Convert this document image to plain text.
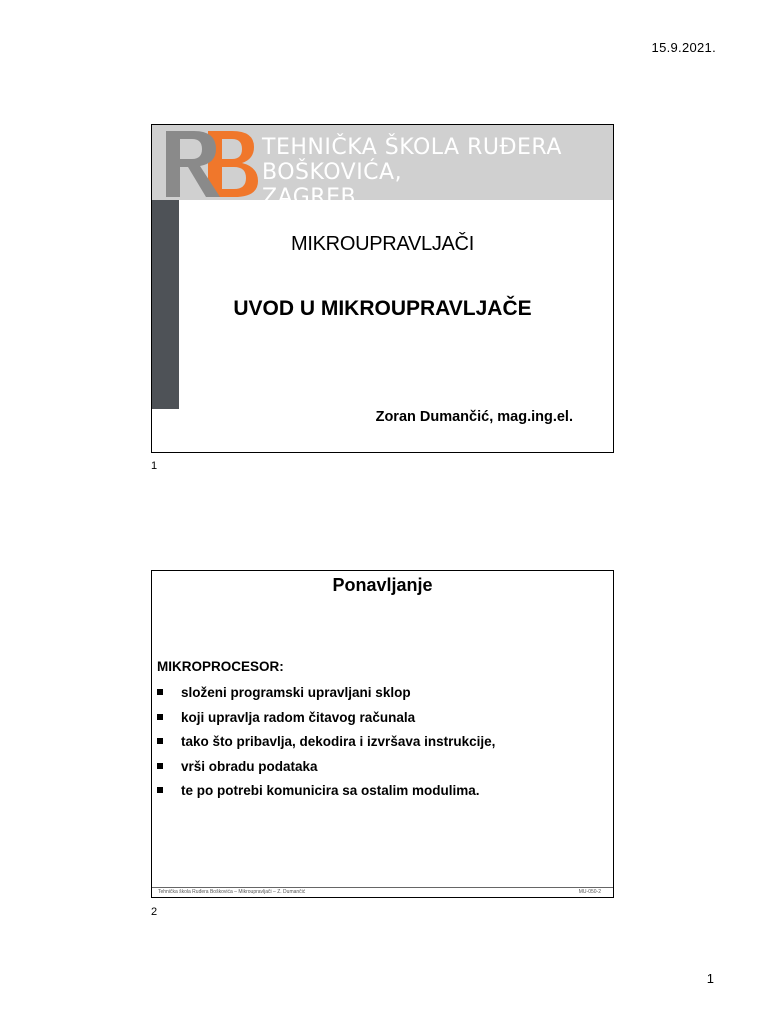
15.9.2021.
TEHNIČKA ŠKOLA RUĐERA
BOŠKOVIĆA, ZAGREB
MIKROUPRAVLJAČI
UVOD U MIKROUPRAVLJAČE
Zoran Dumančić, mag.ing.el.
1
Ponavljanje
MIKROPROCESOR:
složeni programski upravljani sklop
koji upravlja radom čitavog računala
tako što pribavlja, dekodira i izvršava instrukcije,
vrši obradu podataka
te po potrebi komunicira sa ostalim modulima.
Tehnička škola Ruđera Boškovića – Mikroupravljači – Z. Dumančić	MU-050-2
2
1
